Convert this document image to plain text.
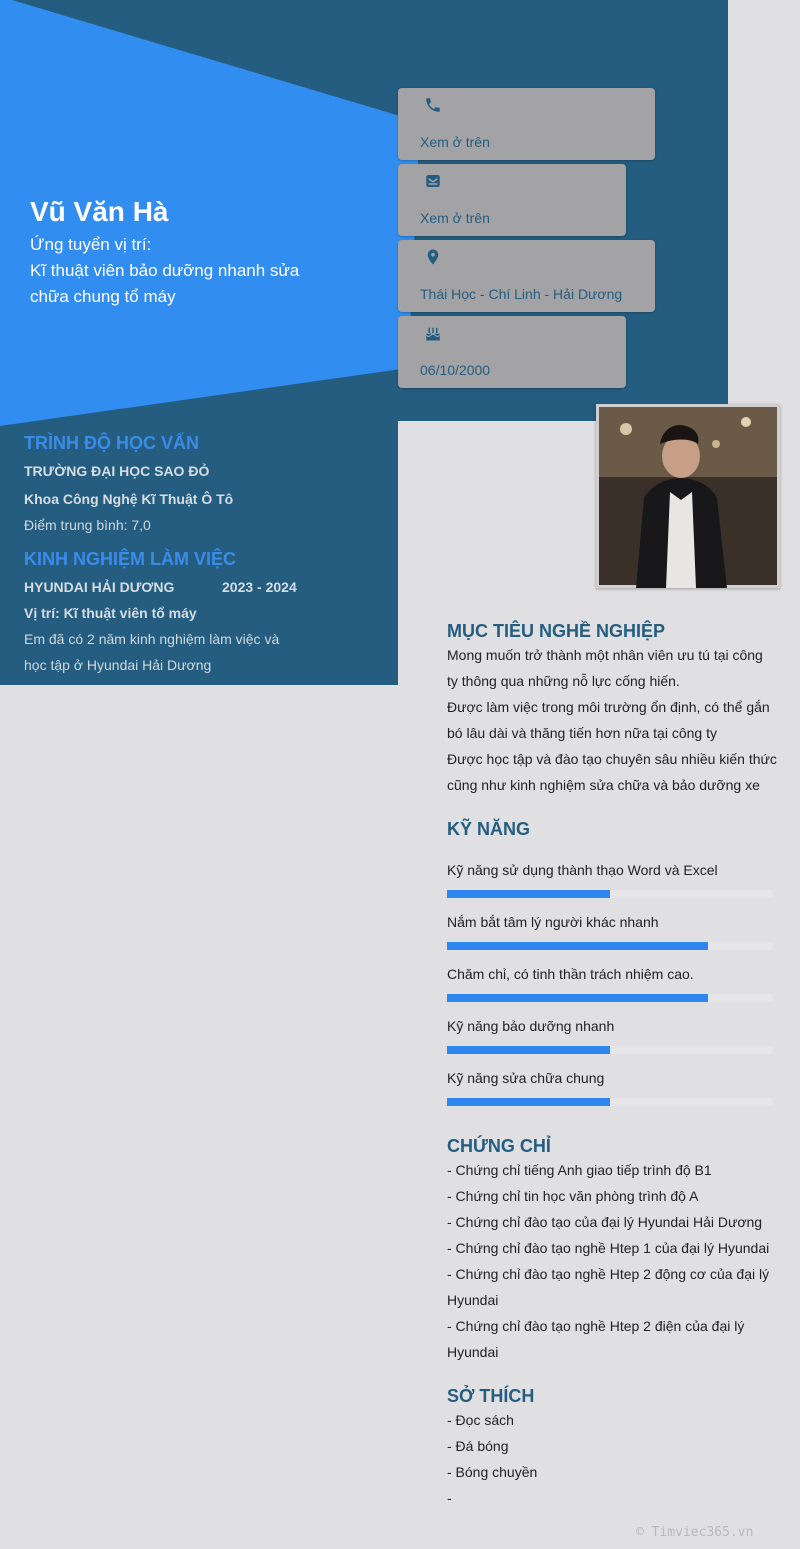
Vũ Văn Hà
Ứng tuyển vị trí:
Kĩ thuật viên bảo dưỡng nhanh sửa chữa chung tổ máy
Xem ở trên
Xem ở trên
Thái Học - Chí Linh - Hải Dương
06/10/2000
TRÌNH ĐỘ HỌC VẤN
TRƯỜNG ĐẠI HỌC SAO ĐỎ
Khoa Công Nghệ Kĩ Thuật Ô Tô
Điểm trung bình: 7,0
KINH NGHIỆM LÀM VIỆC
HYUNDAI HẢI DƯƠNG	2023 - 2024
Vị trí: Kĩ thuật viên tổ máy
Em đã có 2 năm kinh nghiệm làm việc và
học tập ở Hyundai Hải Dương
MỤC TIÊU NGHỀ NGHIỆP
Mong muốn trở thành một nhân viên ưu tú tại công
ty thông qua những nỗ lực cống hiến.
Được làm việc trong môi trường ổn định, có thể gắn
bó lâu dài và thăng tiến hơn nữa tại công ty
Được học tập và đào tạo chuyên sâu nhiều kiến thức
cũng như kinh nghiệm sửa chữa và bảo dưỡng xe
KỸ NĂNG
Kỹ năng sử dụng thành thạo Word và Excel
Nắm bắt tâm lý người khác nhanh
Chăm chỉ, có tinh thần trách nhiệm cao.
Kỹ năng bảo dưỡng nhanh
Kỹ năng sửa chữa chung
CHỨNG CHỈ
- Chứng chỉ tiếng Anh giao tiếp trình độ B1
- Chứng chỉ tin học văn phòng trình độ A
- Chứng chỉ đào tạo của đại lý Hyundai Hải Dương
- Chứng chỉ đào tạo nghề Htep 1 của đại lý Hyundai
- Chứng chỉ đào tạo nghề Htep 2 động cơ của đại lý
Hyundai
- Chứng chỉ đào tạo nghề Htep 2 điện của đại lý
Hyundai
SỞ THÍCH
- Đọc sách
- Đá bóng
- Bóng chuyền
-
© Timviec365.vn
